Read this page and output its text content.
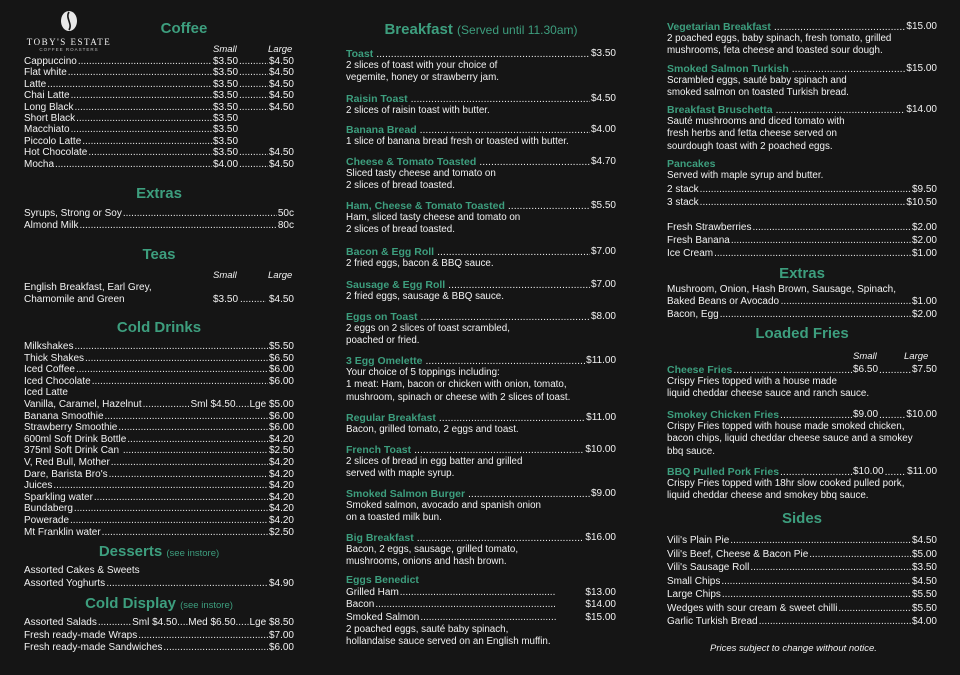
TOBY'S ESTATE
COFFEE ROASTERS
Coffee
Small	Large
Cappuccino .....	$3.50 .....	$4.50
Flat white .....	$3.50 .....	$4.50
Latte .....	$3.50 .....	$4.50
Chai Latte .....	$3.50 .....	$4.50
Long Black .....	$3.50 .....	$4.50
Short Black .....	$3.50
Macchiato .....	$3.50
Piccolo Latte .....	$3.50
Hot Chocolate .....	$3.50 .....	$4.50
Mocha .....	$4.00 .....	$4.50
Extras
Syrups, Strong or Soy .....	50c
Almond Milk .....	80c
Teas
Small	Large
English Breakfast, Earl Grey,
Chamomile and Green	$3.50 .....	$4.50
Cold Drinks
Milkshakes .....	$5.50
Thick Shakes .....	$6.50
Iced Coffee .....	$6.00
Iced Chocolate .....	$6.00
Iced Latte
Vanilla, Caramel, Hazelnut .....	Sml $4.50 ..... Lge $5.00
Banana Smoothie .....	$6.00
Strawberry Smoothie .....	$6.00
600ml Soft Drink Bottle .....	$4.20
375ml Soft Drink Can .....	$2.50
V, Red Bull, Mother .....	$4.20
Dare, Barista Bro's .....	$4.20
Juices .....	$4.20
Sparkling water .....	$4.20
Bundaberg .....	$4.20
Powerade .....	$4.20
Mt Franklin water .....	$2.50
Desserts (see instore)
Assorted Cakes & Sweets
Assorted Yoghurts .....	$4.90
Cold Display (see instore)
Assorted Salads .....	Sml $4.50....Med $6.50 ..... Lge $8.50
Fresh ready-made Wraps .....	$7.00
Fresh ready-made Sandwiches .....	$6.00
Breakfast (Served until 11.30am)
Toast .....	$3.50
2 slices of toast with your choice of
vegemite, honey or strawberry jam.
Raisin Toast .....	$4.50
2 slices of raisin toast with butter.
Banana Bread .....	$4.00
1 slice of banana bread fresh or toasted with butter.
Cheese & Tomato Toasted .....	$4.70
Sliced tasty cheese and tomato on
2 slices of bread toasted.
Ham, Cheese & Tomato Toasted .....	$5.50
Ham, sliced tasty cheese and tomato on
2 slices of bread toasted.
Bacon & Egg Roll .....	$7.00
2 fried eggs, bacon & BBQ sauce.
Sausage & Egg Roll .....	$7.00
2 fried eggs, sausage & BBQ sauce.
Eggs on Toast .....	$8.00
2 eggs on 2 slices of toast scrambled,
poached or fried.
3 Egg Omelette .....	$11.00
Your choice of 5 toppings including:
1 meat: Ham, bacon or chicken with onion, tomato,
mushroom, spinach or cheese with 2 slices of toast.
Regular Breakfast .....	$11.00
Bacon, grilled tomato, 2 eggs and toast.
French Toast .....	$10.00
2 slices of bread in egg batter and grilled
served with maple syrup.
Smoked Salmon Burger .....	$9.00
Smoked salmon, avocado and spanish onion
on a toasted milk bun.
Big Breakfast .....	$16.00
Bacon, 2 eggs, sausage, grilled tomato,
mushrooms, onions and hash brown.
Eggs Benedict
Grilled Ham .....	$13.00
Bacon .....	$14.00
Smoked Salmon .....	$15.00
2 poached eggs, sauté baby spinach,
hollandaise sauce served on an English muffin.
Vegetarian Breakfast .....	$15.00
2 poached eggs, baby spinach, fresh tomato, grilled
mushrooms, feta cheese and toasted sour dough.
Smoked Salmon Turkish .....	$15.00
Scrambled eggs, sauté baby spinach and
smoked salmon on toasted Turkish bread.
Breakfast Bruschetta .....	$14.00
Sauté mushrooms and diced tomato with
fresh herbs and fetta cheese served on
sourdough toast with 2 poached eggs.
Pancakes
Served with maple syrup and butter.
2 stack .....	$9.50
3 stack .....	$10.50
Fresh Strawberries .....	$2.00
Fresh Banana .....	$2.00
Ice Cream .....	$1.00
Extras
Mushroom, Onion, Hash Brown, Sausage, Spinach,
Baked Beans or Avocado .....	$1.00
Bacon, Egg .....	$2.00
Loaded Fries
Small	Large
Cheese Fries .....	$6.50 .....	$7.50
Crispy Fries topped with a house made
liquid cheddar cheese sauce and ranch sauce.
Smokey Chicken Fries .....	$9.00 .....	$10.00
Crispy Fries topped with house made smoked chicken,
bacon chips, liquid cheddar cheese sauce and a smokey
bbq sauce.
BBQ Pulled Pork Fries .....	$10.00 ..... $11.00
Crispy Fries topped with 18hr slow cooked pulled pork,
liquid cheddar cheese and smokey bbq sauce.
Sides
Vili's Plain Pie .....	$4.50
Vili's Beef, Cheese & Bacon Pie .....	$5.00
Vili's Sausage Roll .....	$3.50
Small Chips .....	$4.50
Large Chips .....	$5.50
Wedges with sour cream & sweet chilli .....	$5.50
Garlic Turkish Bread .....	$4.00
Prices subject to change without notice.
